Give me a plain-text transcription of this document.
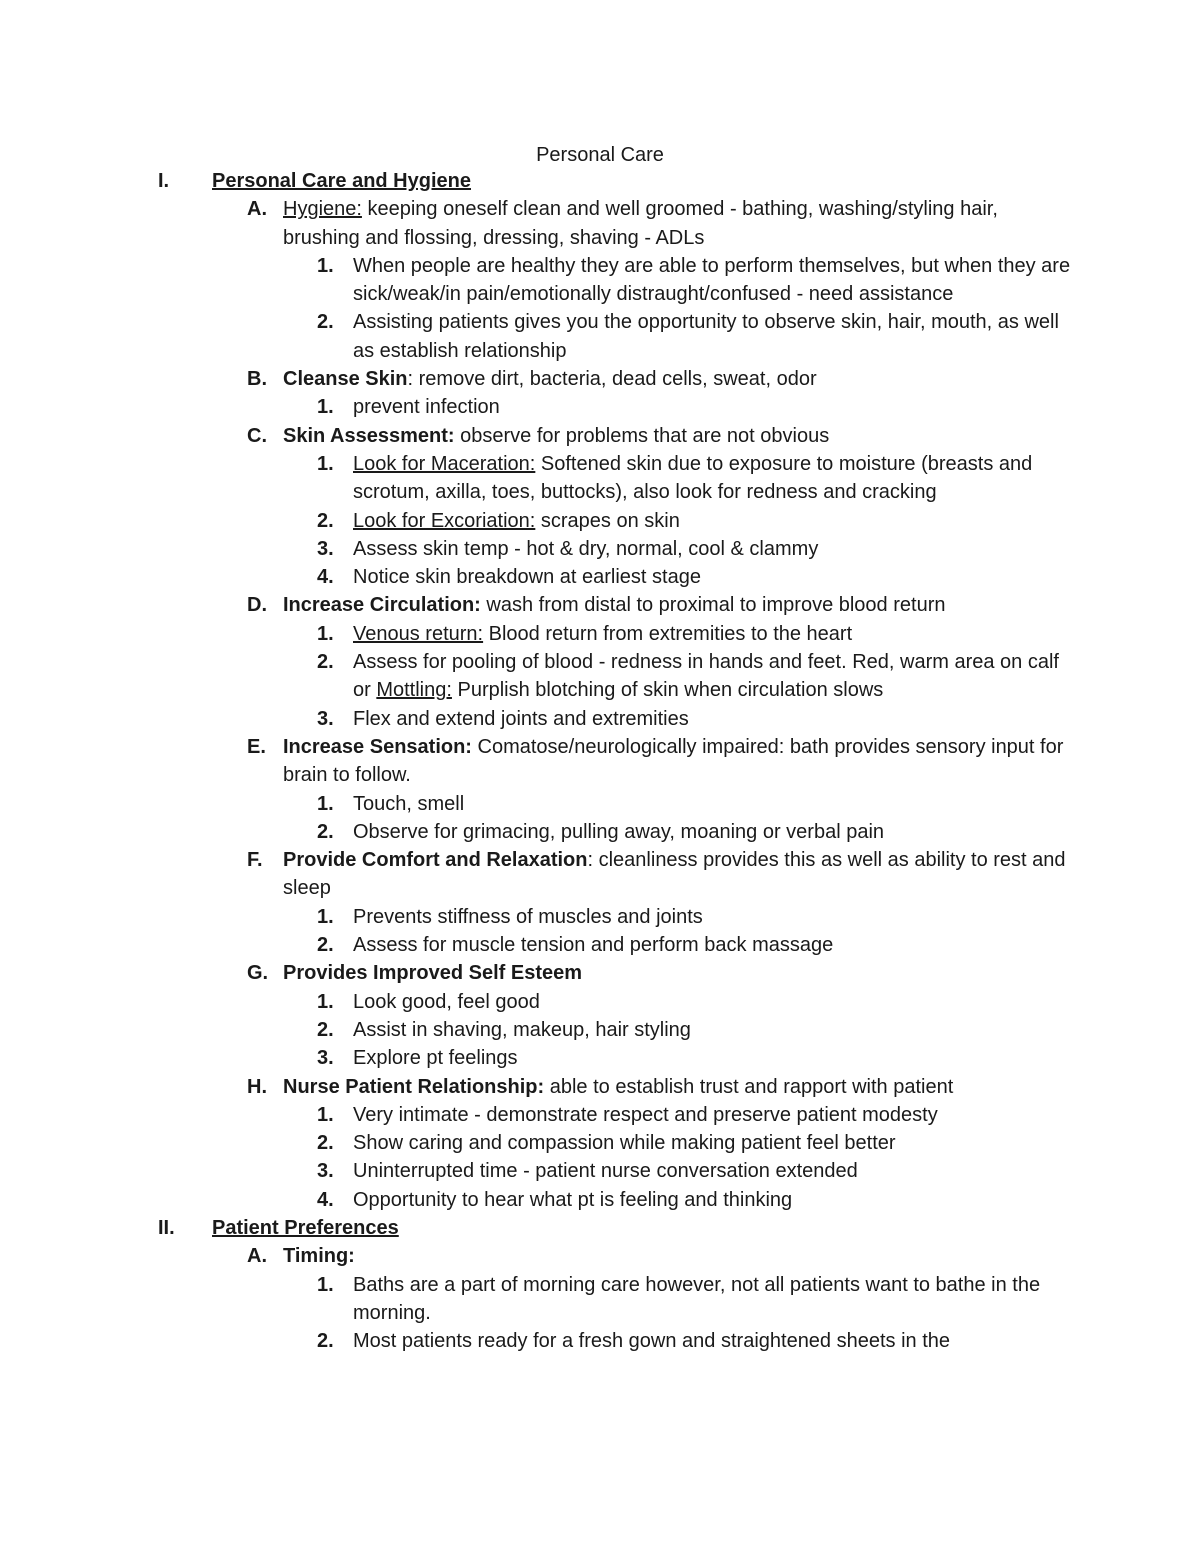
Personal Care
I. Personal Care and Hygiene
A. Hygiene: keeping oneself clean and well groomed - bathing, washing/styling hair, brushing and flossing, dressing, shaving - ADLs
1. When people are healthy they are able to perform themselves, but when they are sick/weak/in pain/emotionally distraught/confused - need assistance
2. Assisting patients gives you the opportunity to observe skin, hair, mouth, as well as establish relationship
B. Cleanse Skin: remove dirt, bacteria, dead cells, sweat, odor
1. prevent infection
C. Skin Assessment: observe for problems that are not obvious
1. Look for Maceration: Softened skin due to exposure to moisture (breasts and scrotum, axilla, toes, buttocks), also look for redness and cracking
2. Look for Excoriation: scrapes on skin
3. Assess skin temp - hot & dry, normal, cool & clammy
4. Notice skin breakdown at earliest stage
D. Increase Circulation: wash from distal to proximal to improve blood return
1. Venous return: Blood return from extremities to the heart
2. Assess for pooling of blood - redness in hands and feet. Red, warm area on calf or Mottling: Purplish blotching of skin when circulation slows
3. Flex and extend joints and extremities
E. Increase Sensation: Comatose/neurologically impaired: bath provides sensory input for brain to follow.
1. Touch, smell
2. Observe for grimacing, pulling away, moaning or verbal pain
F. Provide Comfort and Relaxation: cleanliness provides this as well as ability to rest and sleep
1. Prevents stiffness of muscles and joints
2. Assess for muscle tension and perform back massage
G. Provides Improved Self Esteem
1. Look good, feel good
2. Assist in shaving, makeup, hair styling
3. Explore pt feelings
H. Nurse Patient Relationship: able to establish trust and rapport with patient
1. Very intimate - demonstrate respect and preserve patient modesty
2. Show caring and compassion while making patient feel better
3. Uninterrupted time - patient nurse conversation extended
4. Opportunity to hear what pt is feeling and thinking
II. Patient Preferences
A. Timing:
1. Baths are a part of morning care however, not all patients want to bathe in the morning.
2. Most patients ready for a fresh gown and straightened sheets in the
